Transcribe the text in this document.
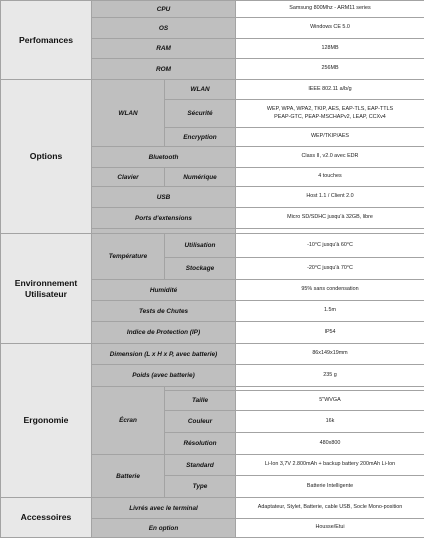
Perfomances	CPU		Samsung 800Mhz - ARM11 series
	OS		Windows CE 5.0
	RAM		128MB
	ROM		256MB
Options	WLAN	WLAN	IEEE 802.11 a/b/g
		Sécurité	WEP, WPA, WPA2, TKIP, AES, EAP-TLS, EAP-TTLS
PEAP-GTC, PEAP-MSCHAPv2, LEAP, CCXv4

		Encryption	WEP/TKIP/AES
	Bluetooth		Class II, v2.0 avec EDR
	Clavier	Numérique	4 touches
	USB		Host 1.1 / Client 2.0
	Ports d'extensions		Micro SD/SDHC jusqu'à 32GB, libre

Environnement
Utilisateur	Température	Utilisation	-10°C jusqu'à 60°C
		Stockage	-20°C jusqu'à 70°C
	Humidité		95% sans condensation
	Tests de Chutes		1.5m
	Indice de Protection (IP)		IP54
Ergonomie	Dimension (L x H x P, avec batterie)		86x149x19mm
	Poids (avec batterie)		235 g
	Écran		
		Taille	5"WVGA
		Couleur	16k
		Résolution	480x800
	Batterie	Standard	Li-Ion 3,7V 2.800mAh + backup battery 200mAh Li-Ion
		Type	Batterie Intelligente
Accessoires	Livrés avec le terminal		Adaptateur, Stylet, Batterie, cable USB, Socle Mono-position
	En option		Housse/Etui
